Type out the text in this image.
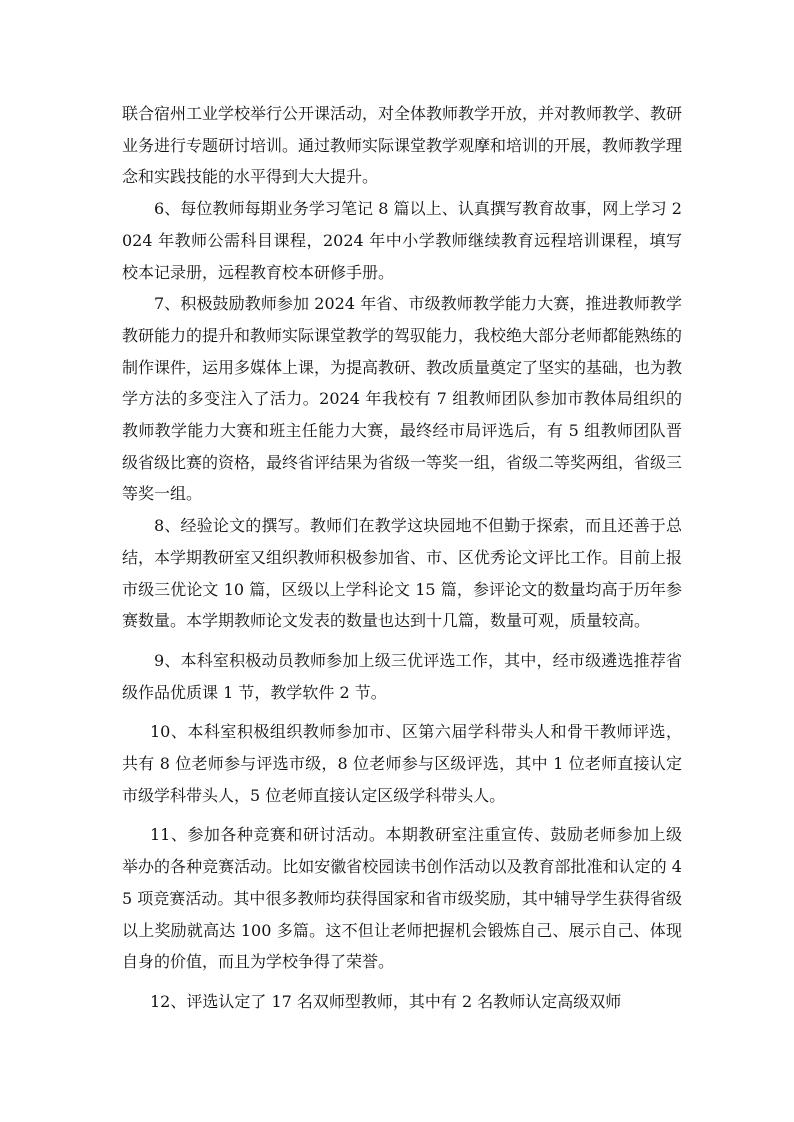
联合宿州工业学校举行公开课活动，对全体教师教学开放，并对教师教学、教研业务进行专题研讨培训。通过教师实际课堂教学观摩和培训的开展，教师教学理念和实践技能的水平得到大大提升。

6、每位教师每期业务学习笔记 8 篇以上、认真撰写教育故事，网上学习 2024 年教师公需科目课程，2024 年中小学教师继续教育远程培训课程，填写校本记录册，远程教育校本研修手册。

7、积极鼓励教师参加 2024 年省、市级教师教学能力大赛，推进教师教学教研能力的提升和教师实际课堂教学的驾驭能力，我校绝大部分老师都能熟练的制作课件，运用多媒体上课，为提高教研、教改质量奠定了坚实的基础，也为教学方法的多变注入了活力。2024 年我校有 7 组教师团队参加市教体局组织的教师教学能力大赛和班主任能力大赛，最终经市局评选后，有 5 组教师团队晋级省级比赛的资格，最终省评结果为省级一等奖一组，省级二等奖两组，省级三等奖一组。

8、经验论文的撰写。教师们在教学这块园地不但勤于探索，而且还善于总结，本学期教研室又组织教师积极参加省、市、区优秀论文评比工作。目前上报市级三优论文 10 篇，区级以上学科论文 15 篇，参评论文的数量均高于历年参赛数量。本学期教师论文发表的数量也达到十几篇，数量可观，质量较高。

9、本科室积极动员教师参加上级三优评选工作，其中，经市级遴选推荐省级作品优质课 1 节，教学软件 2 节。

10、本科室积极组织教师参加市、区第六届学科带头人和骨干教师评选，共有 8 位老师参与评选市级，8 位老师参与区级评选，其中 1 位老师直接认定市级学科带头人，5 位老师直接认定区级学科带头人。

11、参加各种竞赛和研讨活动。本期教研室注重宣传、鼓励老师参加上级举办的各种竞赛活动。比如安徽省校园读书创作活动以及教育部批准和认定的 45 项竞赛活动。其中很多教师均获得国家和省市级奖励，其中辅导学生获得省级以上奖励就高达 100 多篇。这不但让老师把握机会锻炼自己、展示自己、体现自身的价值，而且为学校争得了荣誉。

12、评选认定了 17 名双师型教师，其中有 2 名教师认定高级双师
